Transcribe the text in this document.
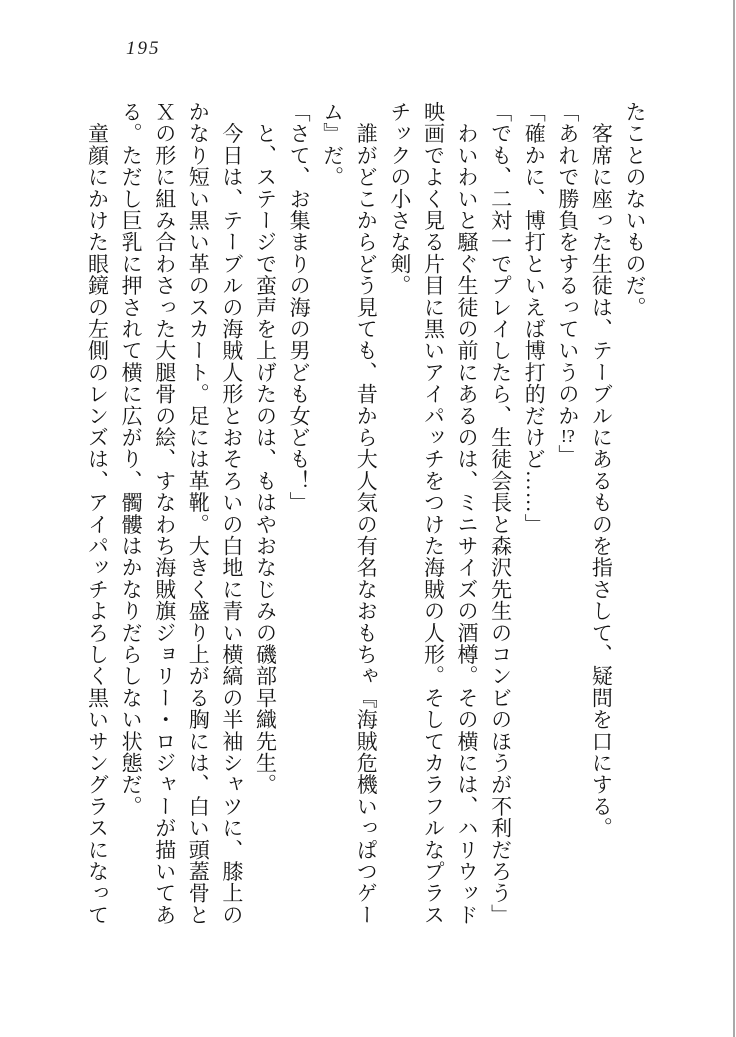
195

たことのないものだ。

　客席に座った生徒は、テーブルにあるものを指さして、疑問を口にする。

「あれで勝負をするっていうのか!?」

「確かに、博打といえば博打的だけど……」

「でも、二対一でプレイしたら、生徒会長と森沢先生のコンビのほうが不利だろう」

　わいわいと騒ぐ生徒の前にあるのは、ミニサイズの酒樽。その横には、ハリウッド

映画でよく見る片目に黒いアイパッチをつけた海賊の人形。そしてカラフルなプラス

チックの小さな剣。

　誰がどこからどう見ても、昔から大人気の有名なおもちゃ『海賊危機いっぱつゲー

ム』だ。

「さて、お集まりの海の男ども女ども！」

　と、ステージで蛮声を上げたのは、もはやおなじみの磯部早織先生。

　今日は、テーブルの海賊人形とおそろいの白地に青い横縞の半袖シャツに、膝上の

かなり短い黒い革のスカート。足には革靴。大きく盛り上がる胸には、白い頭蓋骨と

Ｘの形に組み合わさった大腿骨の絵、すなわち海賊旗ジョリー・ロジャーが描いてあ

る。ただし巨乳に押されて横に広がり、髑髏はかなりだらしない状態だ。

　童顔にかけた眼鏡の左側のレンズは、アイパッチよろしく黒いサングラスになって
